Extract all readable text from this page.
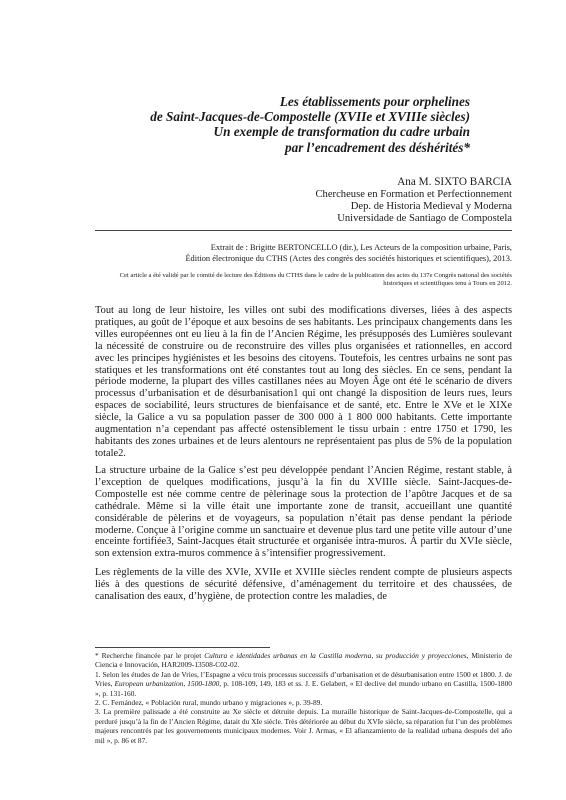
Les établissements pour orphelines
de Saint-Jacques-de-Compostelle (XVIIe et XVIIIe siècles)
Un exemple de transformation du cadre urbain
par l’encadrement des déshérités*
Ana M. SIXTO BARCIA
Chercheuse en Formation et Perfectionnement
Dep. de Historia Medieval y Moderna
Universidade de Santiago de Compostela
Extrait de : Brigitte BERTONCELLO (dir.), Les Acteurs de la composition urbaine, Paris,
Édition électronique du CTHS (Actes des congrès des sociétés historiques et scientifiques), 2013.
Cet article a été validé par le comité de lecture des Éditions du CTHS dans le cadre de la publication des actes du 137e Congrès national des sociétés historiques et scientifiques tenu à Tours en 2012.
Tout au long de leur histoire, les villes ont subi des modifications diverses, liées à des aspects pratiques, au goût de l’époque et aux besoins de ses habitants. Les principaux changements dans les villes européennes ont eu lieu à la fin de l’Ancien Régime, les présupposés des Lumières soulevant la nécessité de construire ou de reconstruire des villes plus organisées et rationnelles, en accord avec les principes hygiénistes et les besoins des citoyens. Toutefois, les centres urbains ne sont pas statiques et les transformations ont été constantes tout au long des siècles. En ce sens, pendant la période moderne, la plupart des villes castillanes nées au Moyen Âge ont été le scénario de divers processus d’urbanisation et de désurbanisation1 qui ont changé la disposition de leurs rues, leurs espaces de sociabilité, leurs structures de bienfaisance et de santé, etc. Entre le XVe et le XIXe siècle, la Galice a vu sa population passer de 300 000 à 1 800 000 habitants. Cette importante augmentation n’a cependant pas affecté ostensiblement le tissu urbain : entre 1750 et 1790, les habitants des zones urbaines et de leurs alentours ne représentaient pas plus de 5% de la population totale2.
La structure urbaine de la Galice s’est peu développée pendant l’Ancien Régime, restant stable, à l’exception de quelques modifications, jusqu’à la fin du XVIIIe siècle. Saint-Jacques-de-Compostelle est née comme centre de pèlerinage sous la protection de l’apôtre Jacques et de sa cathédrale. Même si la ville était une importante zone de transit, accueillant une quantité considérable de pèlerins et de voyageurs, sa population n’était pas dense pendant la période moderne. Conçue à l’origine comme un sanctuaire et devenue plus tard une petite ville autour d’une enceinte fortifiée3, Saint-Jacques était structurée et organisée intra-muros. À partir du XVIe siècle, son extension extra-muros commence à s’intensifier progressivement.
Les règlements de la ville des XVIe, XVIIe et XVIIIe siècles rendent compte de plusieurs aspects liés à des questions de sécurité défensive, d’aménagement du territoire et des chaussées, de canalisation des eaux, d’hygiène, de protection contre les maladies, de

* Recherche financée par le projet Cultura e identidades urbanas en la Castilla moderna, su producción y proyecciones, Ministerio de Ciencia e Innovación, HAR2009-13508-C02-02.

1. Selon les études de Jan de Vries, l’Espagne a vécu trois processus successifs d’urbanisation et de désurbanisation entre 1500 et 1800. J. de Vries, European urbanization, 1500-1800, p. 108-109, 149, 183 et ss. J. E. Gelabert, « El declive del mundo urbano en Castilla, 1500-1800 », p. 131-160.

2. C. Fernández, « Población rural, mundo urbano y migraciones », p. 39-89.

3. La première palissade a été construite au Xe siècle et détruite depuis. La muraille historique de Saint-Jacques-de-Compostelle, qui a perduré jusqu’à la fin de l’Ancien Régime, datait du XIe siècle. Très détériorée au début du XVIe siècle, sa réparation fut l’un des problèmes majeurs rencontrés par les gouvernements municipaux modernes. Voir J. Armas, « El afianzamiento de la realidad urbana después del año mil », p. 86 et 87.
